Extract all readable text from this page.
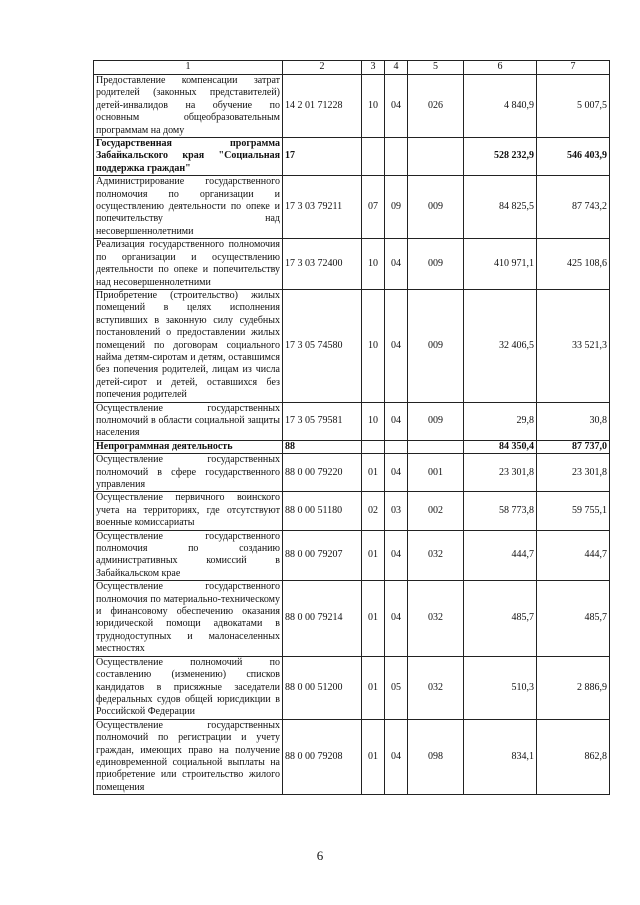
1	2	3	4	5	6	7
Предоставление компенсации затрат родителей (законных представителей) детей-инвалидов на обучение по основным общеобразовательным программам на дому	14 2 01 71228	10	04	026	4 840,9	5 007,5
Государственная программа Забайкальского края "Социальная поддержка граждан"	17				528 232,9	546 403,9
Администрирование государственного полномочия по организации и осуществлению деятельности по опеке и попечительству над несовершеннолетними	17 3 03 79211	07	09	009	84 825,5	87 743,2
Реализация государственного полномочия по организации и осуществлению деятельности по опеке и попечительству над несовершеннолетними	17 3 03 72400	10	04	009	410 971,1	425 108,6
Приобретение (строительство) жилых помещений в целях исполнения вступивших в законную силу судебных постановлений о предоставлении жилых помещений по договорам социального найма детям-сиротам и детям, оставшимся без попечения родителей, лицам из числа детей-сирот и детей, оставшихся без попечения родителей	17 3 05 74580	10	04	009	32 406,5	33 521,3
Осуществление государственных полномочий в области социальной защиты населения	17 3 05 79581	10	04	009	29,8	30,8
Непрограммная деятельность	88				84 350,4	87 737,0
Осуществление государственных полномочий в сфере государственного управления	88 0 00 79220	01	04	001	23 301,8	23 301,8
Осуществление первичного воинского учета на территориях, где отсутствуют военные комиссариаты	88 0 00 51180	02	03	002	58 773,8	59 755,1
Осуществление государственного полномочия по созданию административных комиссий в Забайкальском крае	88 0 00 79207	01	04	032	444,7	444,7
Осуществление государственного полномочия по материально-техническому и финансовому обеспечению оказания юридической помощи адвокатами в труднодоступных и малонаселенных местностях	88 0 00 79214	01	04	032	485,7	485,7
Осуществление полномочий по составлению (изменению) списков кандидатов в присяжные заседатели федеральных судов общей юрисдикции в Российской Федерации	88 0 00 51200	01	05	032	510,3	2 886,9
Осуществление государственных полномочий по регистрации и учету граждан, имеющих право на получение единовременной социальной выплаты на приобретение или строительство жилого помещения	88 0 00 79208	01	04	098	834,1	862,8
6
